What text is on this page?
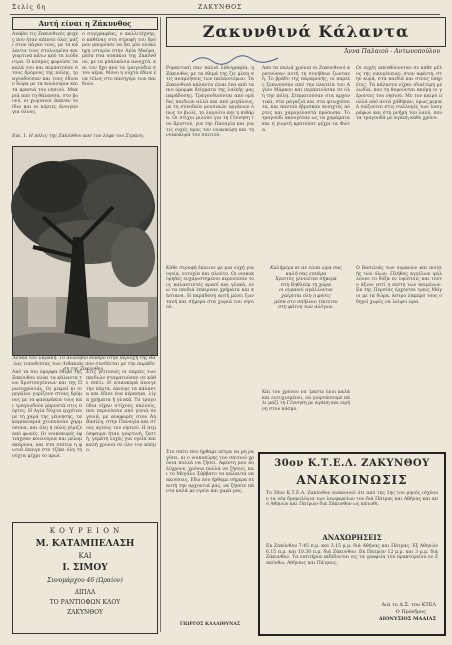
Σελίς 6η	ΖΑΚΥΝΘΟΣ
Αυτή είναι η Ζάκυνθος
Ανάβει τις Ζακυνθινές ψυχές που ήταν κάποτε όλες μαζί στον πάγκο τους, με τα κάλαντα τους στολισμένα και γιορτινά κάτω από τα λιόδεντρα. Ο κόσμος φορούσε τα καλά του και περπατούσε στους δρόμους της πόλης, τραγουδούσαν και τους έδιναν δώρα με τα κουλούρια και τα κρασιά του νησιού. Μακριά από τη θάλασσα, στο βουνό, οι χωριανοί έκαναν το ίδιο και οι πόρτες άνοιγαν για όλους.
ο συγγραφέας, ο καλλιτέχνης, ο καθένας στη στροφή του δρόμου μπορούσε να δει μία ολόκληρη ιστορία στην Αγία Μαύρα, μέσα στα σοκάκια της Ζακύνθου, με τα μπαλκόνια ανοιχτά, και τον ήχο από τα τραγούδια στον αέρα. Μόνο η νύχτα έδινε ένα τέλος στο πανηγύρι των παιδιών.
Εικ. 1. Η πόλις της Ζακύνθου από τον λόφο του Στράνη.
Λεύκα του Σαράκη. Το αιωνόβιο δένδρο στην περιοχή της Βάλας τοποθεσίας των Λιθακιάς που συνδέεται με την παράδοση της Ζακύνθου.
Από τα πιο όμορφα έθιμα της Ζακύνθου είναι τα κάλαντα των Χριστουγέννων και της Πρωτοχρονιάς. Οι μικροί κι οι μεγάλοι γυρίζουν στους δρόμους με τα φαναράκια τους και τραγουδούν μπροστά στις πόρτες. Η Αγία Νύχτα ερχόταν με τη χαρά της γέννησης, τα καμπαναριά χτυπούσαν χαρμόσυνα, και όλη η πόλη γέμιζε από φωνές. Οι νοικοκυρές έφτιαχναν κουλούρια και μελομακάρονα, και στα σπίτια η φωτιά έκαιγε στο τζάκι όλη τη νύχτα μέχρι το πρωί.
Στις γειτονιές οι παρέες των παιδιών σταματούσαν σε κάθε σπίτι. Η νοικοκυρά άνοιγε την πόρτα, άκουγε τα κάλαντα και έδινε ένα κέρασμα, λίγα χρήματα ή γλυκά. Τα τραγούδια είχαν στίχους παλιούς, που περνούσαν από γενιά σε γενιά, με αναφορές στον Άη Βασίλη, στην Παναγία και στους αγίους του νησιού. Η ατμόσφαιρα ήταν γιορτινή, ζεστή, γεμάτη ευχές για υγεία και καλή χρονιά σε όλο τον κόσμο.
Κ Ο Υ Ρ Ε Ι Ο Ν
Μ. ΚΑΤΑΜΠΕΛΑΣΗ
ΚΑΙ
Ι. ΣΙΜΟΥ
Συνομάρχου 46 (Ωραίον)
ΔΙΠΛΑ
ΤΟ ΡΑΝΤΙΟΦΩΝ ΚΛΟΥ
ΖΑΚΥΝΘΟΥ
Ζακυνθινά Κάλαντα
Άννα Παλαιού - Αντωνοπούλου
Ρομαντική σαν παλιά λιθογραφία, η Ζάκυνθος με τα έθιμά της ζει μέσα στις αναμνήσεις των παλαιοτέρων. Τα Ζακυνθινά κάλαντα είναι ένα από τα πιο όμορφα δείγματα της λαϊκής μας παράδοσης. Τραγουδιούνται από ομάδες παιδιών αλλά και από μεγάλους, με τη συνοδεία μουσικών οργάνων όπως το βιολί, το λαγούτο και η κιθάρα. Οι στίχοι μιλούν για τη Γέννηση του Χριστού, για την Παναγία και για τις ευχές προς τον νοικοκύρη και τη νοικοκυρά του σπιτιού.
Από τα παλιά χρόνια οι Ζακυνθινοί κρατούσαν αυτή τη συνήθεια ζωντανή. Το βράδυ της παραμονής, οι παρέες ξεκινούσαν από την πλατεία του Αγίου Μάρκου και περπατούσαν σε όλη την πόλη. Σταματούσαν στα αρχοντικά, στα μαγαζιά και στα φτωχόσπιτα, και παντού έβρισκαν ανοιχτές πόρτες και χαμογελαστά πρόσωπα. Το τραγούδι ακουγόταν ως τα χαράματα και η γιορτή κρατούσε μέχρι τα Φώτα.
Οι ευχές απευθύνονταν σε κάθε μέλος της οικογένειας: στον αφέντη, στην κυρά, στα παιδιά και στους υπηρέτες. Τα κάλαντα είχαν ιδιαίτερη μελωδία, που τη θυμούνται ακόμη οι γέροντες του νησιού. Με τον καιρό πολλά από αυτά χάθηκαν, όμως μερικά σώζονται στις συλλογές των λαογράφων και στη μνήμη του λαού, που τα τραγουδά με αγάπη κάθε χρόνο.
Κάθε στροφή έκλεινε με μια ευχή για υγεία, ευτυχία και πλούτο. Οι νοικοκύρηδες ευχαριστημένοι κερνούσαν τους καλαντιστές κρασί και γλυκά, ενώ τα παιδιά έπαιρναν χρήματα και κάστανα. Η παράδοση αυτή μένει ζωντανή και σήμερα στα χωριά του νησιού.
Καλήμερα κι αν είναι ώρα σας
καλή σας εσπέρα
Χριστός γεννιέται σήμερα
στη Βηθλεέμ τη χώρα
οι ουρανοί αγάλλονται
χαίρεται όλη η φύσις
μέσα στο σπήλαιο τίκτεται
στη φάτνη των αλόγων.
Ο Βασιλιάς των ουρανών και ποιητής των όλων. Πλήθος αγγέλων ψάλλουνε το δόξα εν υψίστοις και τούτο άξιον εστί η πίστη των ποιμένων. Εκ της Περσίας έρχονται τρεις Μάγοι με τα δώρα, άστρο λαμπρό τους οδηγεί χωρίς να λείψει ώρα.
Στο σπίτι που ήρθαμε πέτρα να μη ραγίσει, κι ο νοικοκύρης του σπιτιού χρόνια πολλά να ζήσει. Αφέντη μου πολύχρονε, χρόνια πολλά να ζήσεις, και το Μεγάλο Σάββατο τα κάλαντα να ακούσεις. Εδώ που ήρθαμε σήμερα σε αυτή την αρχοντιά μας, να ζήσετε πάντα καλά με υγεία και χαρά μας.
Και του χρόνου να ʼμαστε όλοι καλά και ευτυχισμένοι, να γιορτάσουμε πάλι μαζί τη Γέννηση με αγάπη και ειρήνη στον κόσμο.
ΓΙΩΡΓΟΣ ΚΑΛΛΙΘΥΝΑΣ
30ον Κ.Τ.Ε.Λ. ΖΑΚΥΝΘΟΥ
ΑΝΑΚΟΙΝΩΣΙΣ
Το 30ον Κ.Τ.Ε.Λ. Ζακύνθου ανακοινοί ότι από της 1ης του μηνός ισχύουν τα νέα δρομολόγια των λεωφορείων του διά Πάτρας και Αθήνας και από Αθηνών και Πατρών διά Ζάκυνθον ως κάτωθι.
ΑΝΑΧΩΡΗΣΕΙΣ
Εκ Ζακύνθου 7.45 π.μ. και 3.15 μ.μ. διά Αθήνας και Πάτρας. Εξ Αθηνών 6.15 π.μ. και 10.30 π.μ. διά Ζάκυνθον. Εκ Πατρών 12 μ.μ. και 3 μ.μ. διά Ζάκυνθον. Τα εισιτήρια εκδίδονται εις τα γραφεία του πρακτορείου εν Ζακύνθω, Αθήναις και Πάτραις.
Διά το Δ.Σ. του ΚΤΕΛ
Ο Πρόεδρος
ΔΙΟΝΥΣΙΟΣ ΜΑΔΙΑΣ
